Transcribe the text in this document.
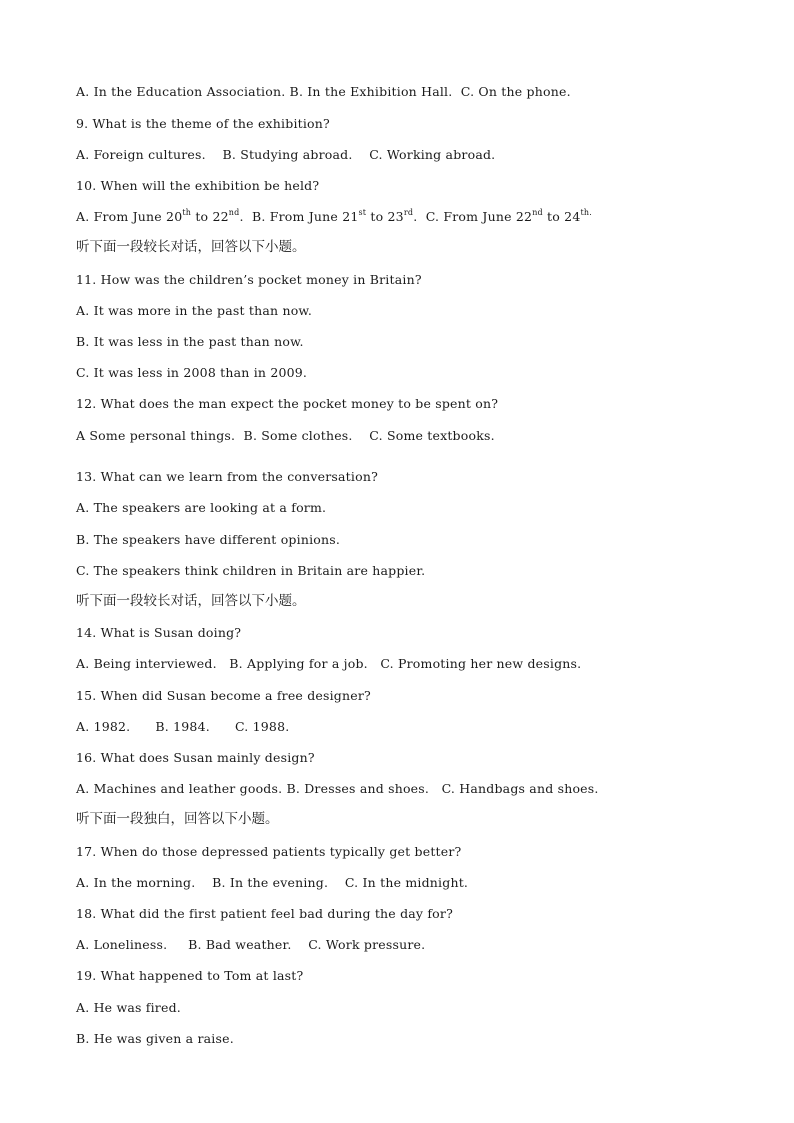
A. In the Education Association. B. In the Exhibition Hall.  C. On the phone.
9. What is the theme of the exhibition?
A. Foreign cultures.    B. Studying abroad.    C. Working abroad.
10. When will the exhibition be held?
A. From June 20th to 22nd.  B. From June 21st to 23rd.  C. From June 22nd to $24^{th.}$
听下面一段较长对话，回答以下小题。
11. How was the children’s pocket money in Britain?
A. It was more in the past than now.
B. It was less in the past than now.
C. It was less in 2008 than in 2009.
12. What does the man expect the pocket money to be spent on?
A Some personal things.  B. Some clothes.    C. Some textbooks.
13. What can we learn from the conversation?
A. The speakers are looking at a form.
B. The speakers have different opinions.
C. The speakers think children in Britain are happier.
听下面一段较长对话，回答以下小题。
14. What is Susan doing?
A. Being interviewed.   B. Applying for a job.   C. Promoting her new designs.
15. When did Susan become a free designer?
A. 1982.      B. 1984.      C. 1988.
16. What does Susan mainly design?
A. Machines and leather goods. B. Dresses and shoes.   C. Handbags and shoes.
听下面一段独白，回答以下小题。
17. When do those depressed patients typically get better?
A. In the morning.    B. In the evening.    C. In the midnight.
18. What did the first patient feel bad during the day for?
A. Loneliness.     B. Bad weather.    C. Work pressure.
19. What happened to Tom at last?
A. He was fired.
B. He was given a raise.
